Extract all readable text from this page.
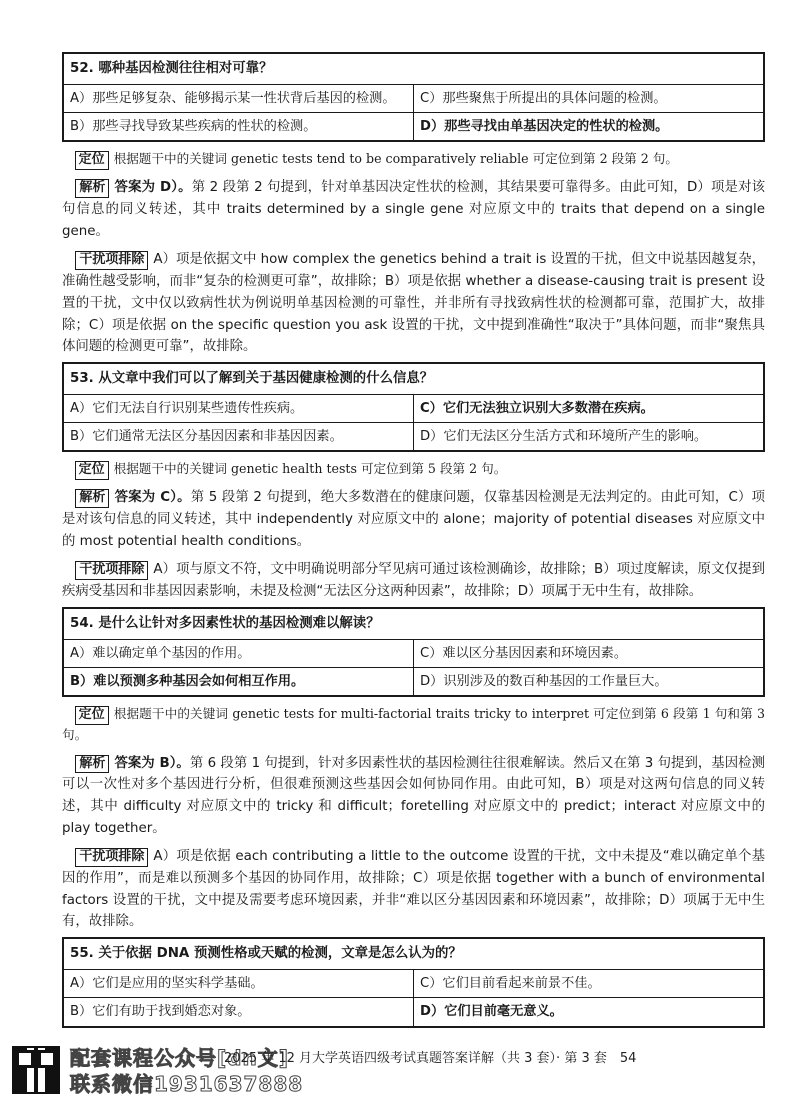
52. 哪种基因检测往往相对可靠？	
A）那些足够复杂、能够揭示某一性状背后基因的检测。	C）那些聚焦于所提出的具体问题的检测。
B）那些寻找导致某些疾病的性状的检测。	D）那些寻找由单基因决定的性状的检测。

定位 根据题干中的关键词 genetic tests tend to be comparatively reliable 可定位到第 2 段第 2 句。

解析 答案为 D）。第 2 段第 2 句提到，针对单基因决定性状的检测，其结果要可靠得多。由此可知，D）项是对该句信息的同义转述，其中 traits determined by a single gene 对应原文中的 traits that depend on a single gene。

干扰项排除 A）项是依据文中 how complex the genetics behind a trait is 设置的干扰，但文中说基因越复杂，准确性越受影响，而非“复杂的检测更可靠”，故排除；B）项是依据 whether a disease-causing trait is present 设置的干扰，文中仅以致病性状为例说明单基因检测的可靠性，并非所有寻找致病性状的检测都可靠，范围扩大，故排除；C）项是依据 on the specific question you ask 设置的干扰，文中提到准确性“取决于”具体问题，而非“聚焦具体问题的检测更可靠”，故排除。

53. 从文章中我们可以了解到关于基因健康检测的什么信息？	
A）它们无法自行识别某些遗传性疾病。	C）它们无法独立识别大多数潜在疾病。
B）它们通常无法区分基因因素和非基因因素。	D）它们无法区分生活方式和环境所产生的影响。

定位 根据题干中的关键词 genetic health tests 可定位到第 5 段第 2 句。

解析 答案为 C）。第 5 段第 2 句提到，绝大多数潜在的健康问题，仅靠基因检测是无法判定的。由此可知，C）项是对该句信息的同义转述，其中 independently 对应原文中的 alone；majority of potential diseases 对应原文中的 most potential health conditions。

干扰项排除 A）项与原文不符，文中明确说明部分罕见病可通过该检测确诊，故排除；B）项过度解读，原文仅提到疾病受基因和非基因因素影响，未提及检测“无法区分这两种因素”，故排除；D）项属于无中生有，故排除。

54. 是什么让针对多因素性状的基因检测难以解读？	
A）难以确定单个基因的作用。	C）难以区分基因因素和环境因素。
B）难以预测多种基因会如何相互作用。	D）识别涉及的数百种基因的工作量巨大。

定位 根据题干中的关键词 genetic tests for multi-factorial traits tricky to interpret 可定位到第 6 段第 1 句和第 3 句。

解析 答案为 B）。第 6 段第 1 句提到，针对多因素性状的基因检测往往很难解读。然后又在第 3 句提到，基因检测可以一次性对多个基因进行分析，但很难预测这些基因会如何协同作用。由此可知，B）项是对这两句信息的同义转述，其中 difficulty 对应原文中的 tricky 和 difficult；foretelling 对应原文中的 predict；interact 对应原文中的 play together。

干扰项排除 A）项是依据 each contributing a little to the outcome 设置的干扰，文中未提及“难以确定单个基因的作用”，而是难以预测多个基因的协同作用，故排除；C）项是依据 together with a bunch of environmental factors 设置的干扰，文中提及需要考虑环境因素，并非“难以区分基因因素和环境因素”，故排除；D）项属于无中生有，故排除。

55. 关于依据 DNA 预测性格或天赋的检测，文章是怎么认为的？	
A）它们是应用的坚实科学基础。	C）它们目前看起来前景不佳。
B）它们有助于找到婚恋对象。	D）它们目前毫无意义。
配套课程公众号[dn文]
联系微信1931637888
2025 年 12 月大学英语四级考试真题答案详解（共 3 套）· 第 3 套　54
